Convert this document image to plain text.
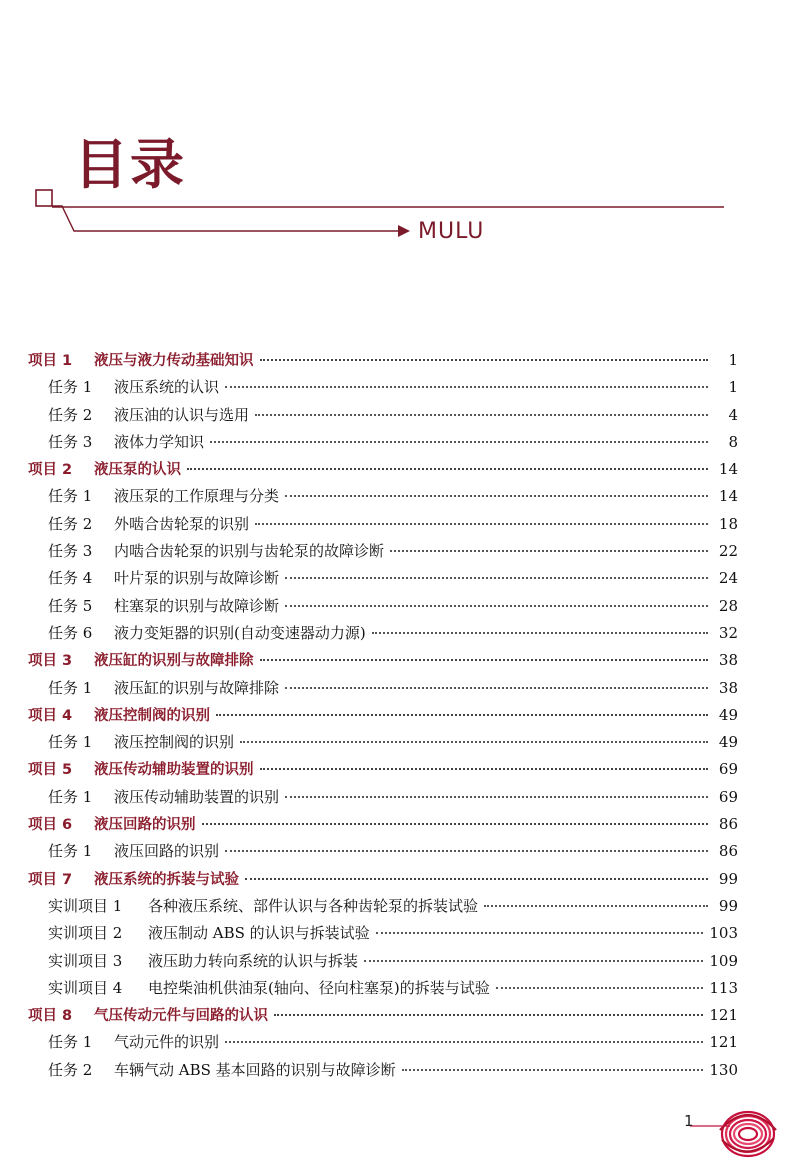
目录
MULU
项目 1	液压与液力传动基础知识	1
任务 1	液压系统的认识	1
任务 2	液压油的认识与选用	4
任务 3	液体力学知识	8
项目 2	液压泵的认识	14
任务 1	液压泵的工作原理与分类	14
任务 2	外啮合齿轮泵的识别	18
任务 3	内啮合齿轮泵的识别与齿轮泵的故障诊断	22
任务 4	叶片泵的识别与故障诊断	24
任务 5	柱塞泵的识别与故障诊断	28
任务 6	液力变矩器的识别(自动变速器动力源)	32
项目 3	液压缸的识别与故障排除	38
任务 1	液压缸的识别与故障排除	38
项目 4	液压控制阀的识别	49
任务 1	液压控制阀的识别	49
项目 5	液压传动辅助装置的识别	69
任务 1	液压传动辅助装置的识别	69
项目 6	液压回路的识别	86
任务 1	液压回路的识别	86
项目 7	液压系统的拆装与试验	99
实训项目 1	各种液压系统、部件认识与各种齿轮泵的拆装试验	99
实训项目 2	液压制动 ABS 的认识与拆装试验	103
实训项目 3	液压助力转向系统的认识与拆装	109
实训项目 4	电控柴油机供油泵(轴向、径向柱塞泵)的拆装与试验	113
项目 8	气压传动元件与回路的认识	121
任务 1	气动元件的识别	121
任务 2	车辆气动 ABS 基本回路的识别与故障诊断	130
1
